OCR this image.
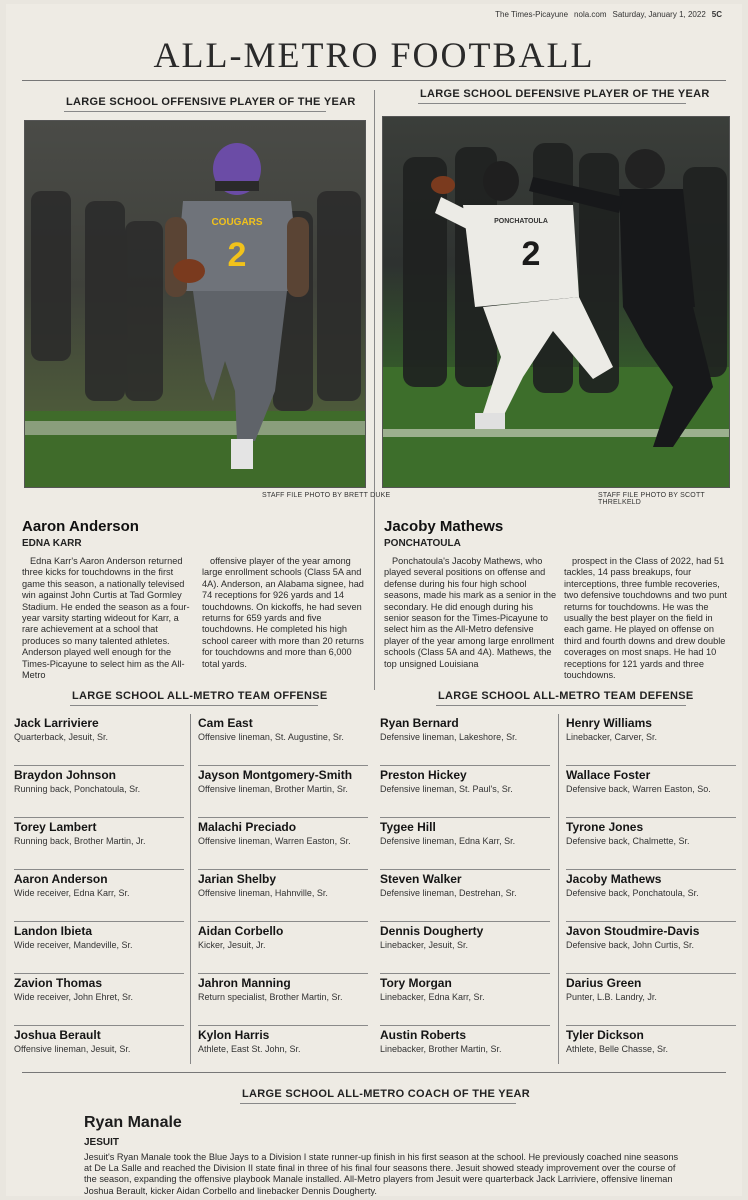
The Times-Picayune nola.com Saturday, January 1, 2022 5C
ALL-METRO FOOTBALL
LARGE SCHOOL OFFENSIVE PLAYER OF THE YEAR
2
COUGARS
STAFF FILE PHOTO BY BRETT DUKE
Aaron Anderson
EDNA KARR
Edna Karr's Aaron Anderson returned three kicks for touchdowns in the first game this season, a nationally televised win against John Curtis at Tad Gormley Stadium. He ended the season as a four-year varsity starting wideout for Karr, a rare achievement at a school that produces so many talented athletes. Anderson played well enough for the Times-Picayune to select him as the All-Metro
offensive player of the year among large enrollment schools (Class 5A and 4A). Anderson, an Alabama signee, had 74 receptions for 926 yards and 14 touchdowns. On kickoffs, he had seven returns for 659 yards and five touchdowns. He completed his high school career with more than 20 returns for touchdowns and more than 6,000 total yards.
LARGE SCHOOL DEFENSIVE PLAYER OF THE YEAR
2
PONCHATOULA
STAFF FILE PHOTO BY SCOTT THRELKELD
Jacoby Mathews
PONCHATOULA
Ponchatoula's Jacoby Mathews, who played several positions on offense and defense during his four high school seasons, made his mark as a senior in the secondary. He did enough during his senior season for the Times-Picayune to select him as the All-Metro defensive player of the year among large enrollment schools (Class 5A and 4A). Mathews, the top unsigned Louisiana
prospect in the Class of 2022, had 51 tackles, 14 pass breakups, four interceptions, three fumble recoveries, two defensive touchdowns and two punt returns for touchdowns. He was the usually the best player on the field in each game. He played on offense on third and fourth downs and drew double coverages on most snaps. He had 10 receptions for 121 yards and three touchdowns.
LARGE SCHOOL ALL-METRO TEAM OFFENSE
Jack Larriviere
Quarterback, Jesuit, Sr.
Braydon Johnson
Running back, Ponchatoula, Sr.
Torey Lambert
Running back, Brother Martin, Jr.
Aaron Anderson
Wide receiver, Edna Karr, Sr.
Landon Ibieta
Wide receiver, Mandeville, Sr.
Zavion Thomas
Wide receiver, John Ehret, Sr.
Joshua Berault
Offensive lineman, Jesuit, Sr.
Cam East
Offensive lineman, St. Augustine, Sr.
Jayson Montgomery-Smith
Offensive lineman, Brother Martin, Sr.
Malachi Preciado
Offensive lineman, Warren Easton, Sr.
Jarian Shelby
Offensive lineman, Hahnville, Sr.
Aidan Corbello
Kicker, Jesuit, Jr.
Jahron Manning
Return specialist, Brother Martin, Sr.
Kylon Harris
Athlete, East St. John, Sr.
LARGE SCHOOL ALL-METRO TEAM DEFENSE
Ryan Bernard
Defensive lineman, Lakeshore, Sr.
Preston Hickey
Defensive lineman, St. Paul's, Sr.
Tygee Hill
Defensive lineman, Edna Karr, Sr.
Steven Walker
Defensive lineman, Destrehan, Sr.
Dennis Dougherty
Linebacker, Jesuit, Sr.
Tory Morgan
Linebacker, Edna Karr, Sr.
Austin Roberts
Linebacker, Brother Martin, Sr.
Henry Williams
Linebacker, Carver, Sr.
Wallace Foster
Defensive back, Warren Easton, So.
Tyrone Jones
Defensive back, Chalmette, Sr.
Jacoby Mathews
Defensive back, Ponchatoula, Sr.
Javon Stoudmire-Davis
Defensive back, John Curtis, Sr.
Darius Green
Punter, L.B. Landry, Jr.
Tyler Dickson
Athlete, Belle Chasse, Sr.
LARGE SCHOOL ALL-METRO COACH OF THE YEAR
Ryan Manale
JESUIT
Jesuit's Ryan Manale took the Blue Jays to a Division I state runner-up finish in his first season at the school. He previously coached nine seasons at De La Salle and reached the Division II state final in three of his final four seasons there. Jesuit showed steady improvement over the course of the season, expanding the offensive playbook Manale installed. All-Metro players from Jesuit were quarterback Jack Larriviere, offensive lineman Joshua Berault, kicker Aidan Corbello and linebacker Dennis Dougherty.
